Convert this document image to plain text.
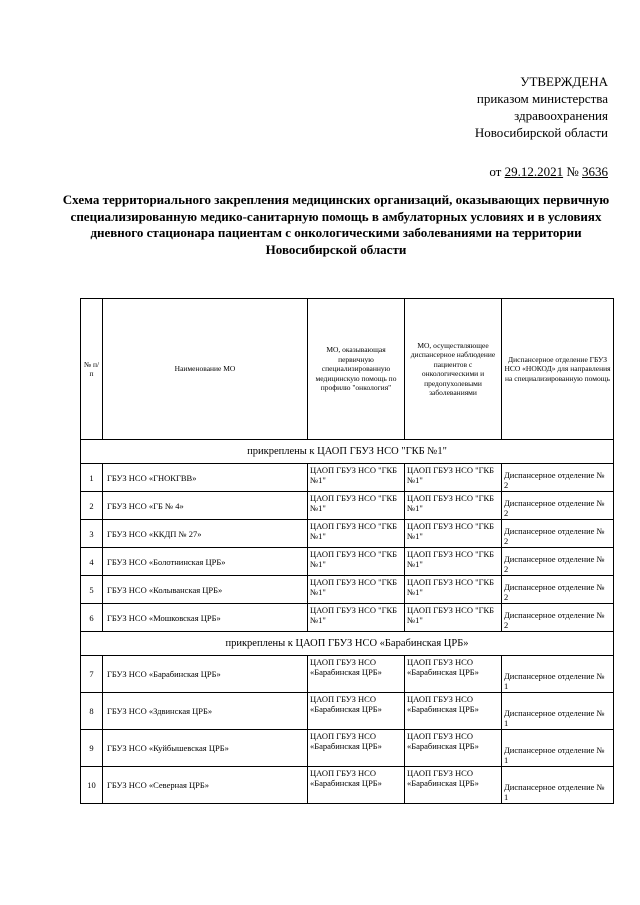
УТВЕРЖДЕНА
приказом министерства
здравоохранения
Новосибирской области
от 29.12.2021 № 3636
Схема территориального закрепления медицинских организаций, оказывающих первичную специализированную медико-санитарную помощь в амбулаторных условиях и в условиях дневного стационара пациентам с онкологическими заболеваниями на территории Новосибирской области
№ п/п	Наименование МО	МО, оказывающая первичную специализированную медицинскую помощь по профилю "онкология"	МО, осуществляющее диспансерное наблюдение пациентов с онкологическими и предопухолевыми заболеваниями	Диспансерное отделение ГБУЗ НСО «НОКОД» для направления на специализированную помощь
прикреплены к ЦАОП ГБУЗ НСО "ГКБ №1"				
1	ГБУЗ НСО «ГНОКГВВ»	ЦАОП ГБУЗ НСО "ГКБ №1"	ЦАОП ГБУЗ НСО "ГКБ №1"	Диспансерное отделение № 2
2	ГБУЗ НСО «ГБ № 4»	ЦАОП ГБУЗ НСО "ГКБ №1"	ЦАОП ГБУЗ НСО "ГКБ №1"	Диспансерное отделение № 2
3	ГБУЗ НСО «ККДП № 27»	ЦАОП ГБУЗ НСО "ГКБ №1"	ЦАОП ГБУЗ НСО "ГКБ №1"	Диспансерное отделение № 2
4	ГБУЗ НСО «Болотнинская ЦРБ»	ЦАОП ГБУЗ НСО "ГКБ №1"	ЦАОП ГБУЗ НСО "ГКБ №1"	Диспансерное отделение № 2
5	ГБУЗ НСО «Колыванская ЦРБ»	ЦАОП ГБУЗ НСО "ГКБ №1"	ЦАОП ГБУЗ НСО "ГКБ №1"	Диспансерное отделение № 2
6	ГБУЗ НСО «Мошковская ЦРБ»	ЦАОП ГБУЗ НСО "ГКБ №1"	ЦАОП ГБУЗ НСО "ГКБ №1"	Диспансерное отделение № 2
прикреплены к ЦАОП ГБУЗ НСО «Барабинская ЦРБ»				
7	ГБУЗ НСО «Барабинская ЦРБ»	ЦАОП ГБУЗ НСО «Барабинская ЦРБ»	ЦАОП ГБУЗ НСО «Барабинская ЦРБ»	Диспансерное отделение № 1
8	ГБУЗ НСО «Здвинская ЦРБ»	ЦАОП ГБУЗ НСО «Барабинская ЦРБ»	ЦАОП ГБУЗ НСО «Барабинская ЦРБ»	Диспансерное отделение № 1
9	ГБУЗ НСО «Куйбышевская ЦРБ»	ЦАОП ГБУЗ НСО «Барабинская ЦРБ»	ЦАОП ГБУЗ НСО «Барабинская ЦРБ»	Диспансерное отделение № 1
10	ГБУЗ НСО «Северная ЦРБ»	ЦАОП ГБУЗ НСО «Барабинская ЦРБ»	ЦАОП ГБУЗ НСО «Барабинская ЦРБ»	Диспансерное отделение № 1
